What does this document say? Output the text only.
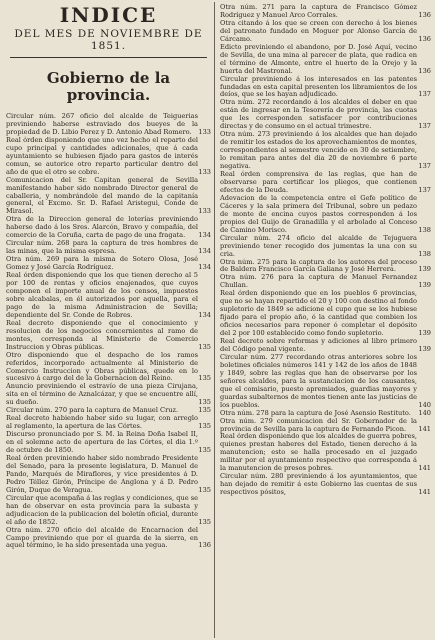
INDICE

DEL MES DE NOVIEMBRE DE 1851.

Gobierno de la provincia.
Circular núm. 267 oficio del alcalde de Teiguerias previniendo haberse estraviado dos bueyes de la propiedad de D. Libio Perez y D. Antonio Abad Romero.	133
Real órden disponiendo que uno vez hecho el reparto del cupo principal y cantidades adicionales, que á cada ayuntamiento se hubiesen fijado para gastos de interés comun, se autorice otro reparto particular dentro del año de que el otro se cobre.	133
Comunicacion del Sr. Capitan general de Sevilla manifestando haber sido nombrado Director general de caballeria, y nombrándole del mando de la capitanía general, el Excmo. Sr. D. Rafael Aristegui, Conde de Mirasol.	133
Otra de la Direccion general de loterías previniendo haberse dado á los Sres. Alarcón, Bravo y compañía, del comercio de la Coruña, carta de pago de una fragata.	134
Circular núm. 268 para la captura de tres hombres de las minas, que la misma espresa.	134
Otra núm. 269 para la misma de Sotero Olosa, José Gomez y José García Rodríguez.	134
Real órden disponiendo que los que tienen derecho al 5 por 100 de rentas y oficios enajenados, que cuyos componen el importe anual de los censos, impuestos sobre alcabalas, en él autorizados por aquella, para el pago de la misma Administracion de Sevilla; dependiente del Sr. Conde de Robres.	134
Real decreto disponiendo que el conocimiento y resolucion de los negocios concernientes al ramo de montes, corresponda al Ministerio de Comercio Instruccion y Obras públicas.	135
Otro disponiendo que el despacho de los ramos referidos, incorporado actualmente al Ministerio de Comercio Instruccion y Obras públicas, quede en lo sucesivo á cargo del de la Gobernacion del Reino.	135
Anuncio previniendo el estravío de una pieza Cirujana, sita en el término de Aznalcázar, y que se encuentre allí, su dueño.	135
Circular núm. 270 para la captura de Manuel Cruz.	135
Real decreto habiendo haber sido su lugar, con arreglo al reglamento, la apertura de las Córtes.	135
Discurso pronunciado por S. M. la Reina Doña Isabel II, en el solemne acto de apertura de las Córtes, el dia 1.º de octubre de 1850.	135
Real órden previniendo haber sido nombrado Presidente del Senado, para la presente legislatura, D. Manuel de Pando, Marqués de Miraflores, y vice presidentes á D. Pedro Téllez Girón, Príncipe de Anglona y á D. Pedro Girón, Duque de Veragua.	135
Circular que acompaña á las reglas y condiciones, que se han de observar en esta provincia para la subasta y adjudicacion de la publicacion del boletín oficial, durante el año de 1852.	135
Otra núm. 270 oficio del alcalde de Encarnacion del Campo previniendo que por el guarda de la sierra, en aquel término, le ha sido presentada una yegua.	136
Otra núm. 271 para la captura de Francisco Gómez Rodríguez y Manuel Arco Corrales.	136
Otra citando á los que se creen con derecho á los bienes del patronato fundado en Moguer por Alonso García de Cárcamo.	136
Edicto previniendo el abandono, por D. José Aquí, vecino de Sevilla, de una mina al parecer de plata, que radica en el término de Almonte, entre el huerto de la Orejo y la huerta del Mastronal.	136
Circular previniendo á los interesados en las patentes fundadas en esta capital presenten los libramientos de los deíos, que se les hayan adjudicado.	137
Otra núm. 272 recordando á los alcaldes el deber en que están de ingresar en la Tesorería de provincia, las cuotas que les corresponden satisfacer por contribuciones directas y de consumo en el actual trimestre.	137
Otra núm. 273 previniendo á los alcaldes que han dejado de remitir los estados de los aprovechamientos de montes, correspondientes al semestre vencido en 30 de setiembre, lo remitan para antes del dia 20 de noviembre 6 parte negativa.	137
Real órden comprensiva de las reglas, que han de observarse para certificar los pliegos, que contienen efectos de la Deuda.	137
Adevacion de la competencia entre el Gefe político de Cáceres y la sala primera del Tribunal, sobre un pedazo de monte de encina cuyos pastos corresponden á los propios del Guijo de Granadilla y el arbolado al Conceso de Camino Morisco.	138
Circular núm. 274 oficio del alcalde de Tejuguera previniendo tener recogido dos jumentas la una con su cria.	138
Otra núm. 275 para la captura de los autores del proceso de Baldera Francisco García Galiana y José Herrera.	139
Otra núm. 276 para la captura de Manuel Fernandez Chullan.	139
Real órden disponiendo que en los pueblos 6 provincias, que no se hayan repartido el 20 y 100 con destino al fondo supletorio de 1849 se adicione el cupo que se los hubiese fijado para el propio año, ó la cantidad que combien los oficios necesarios para reponer ó completar el depósito del 2 por 100 establecido como fondo supletorio.	139
Real decreto sobre reformas y adiciones al libro primero del Código penal vigente.	139
Circular núm. 277 recordando otras anteriores sobre los boletines oficiales números 141 y 142 de los años de 1848 y 1849, sobre las reglas que han de observarse por los señores alcaldes, para la sustanciacion de los causantes, que el comisario, puesto apremiados, guardias mayores y guardas subalternos de montes tienen ante las justicias de los pueblos.	140
Otra núm. 278 para la captura de José Asensio Restituto.	140
Otra núm. 279 comunicacion del Sr. Gobernador de la provincia de Sevilla para la captura de Fernando Picon.	141
Real órden disponiendo que los alcaldes de guerra pobres, quienes prestan haberes del Estado, tienen derecho á la manutencion; esto se halla procesado en el juzgado militar por el ayuntamiento respectivo que corresponda á la manutencion de presos pobres.	141
Circular núm. 280 previniendo á los ayuntamientos, que han dejado de remitir á este Gobierno las cuentas de sus respectivos pósitos,	141
